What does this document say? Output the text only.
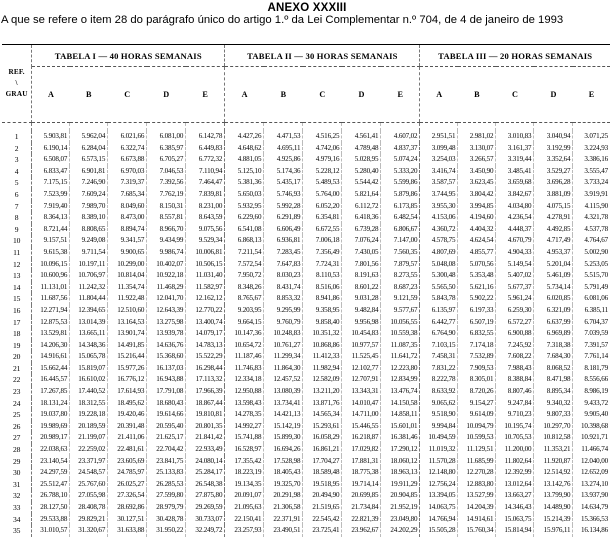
ANEXO XXXIII
A que se refere o item 28 do parágrafo único do artigo 1.º da Lei Complementar n.º 704, de 4 de janeiro de 1993
REF.
\
GRAU	TABELA I — 40 HORAS SEMANAIS					TABELA II — 30 HORAS SEMANAIS					TABELA III — 20 HORAS SEMANAIS				
	A	B	C	D	E	A	B	C	D	E	A	B	C	D	E

1	5.903,81	5.962,04	6.021,66	6.081,00	6.142,78	4.427,26	4.471,53	4.516,25	4.561,41	4.607,02	2.951,51	2.981,02	3.010,83	3.040,94	3.071,25
2	6.190,14	6.284,04	6.322,74	6.385,97	6.449,83	4.648,62	4.695,11	4.742,06	4.789,48	4.837,37	3.099,48	3.130,07	3.161,37	3.192,99	3.224,93
3	6.508,07	6.573,15	6.673,88	6.705,27	6.772,32	4.881,05	4.925,86	4.979,16	5.028,95	5.074,24	3.254,03	3.266,57	3.319,44	3.352,64	3.386,16
4	6.833,47	6.901,81	6.970,03	7.046,53	7.110,94	5.125,10	5.174,36	5.228,12	5.280,40	5.333,20	3.416,74	3.450,90	3.485,41	3.529,27	3.555,47
5	7.175,15	7.246,90	7.319,37	7.392,56	7.464,47	5.381,36	5.435,17	5.489,53	5.544,42	5.599,86	3.587,57	3.623,45	3.659,68	3.696,28	3.733,24
6	7.523,99	7.609,24	7.685,34	7.762,19	7.839,81	5.650,03	5.746,93	5.764,00	5.821,64	5.879,86	3.744,95	3.804,42	3.842,67	3.881,09	3.919,91
7	7.919,40	7.989,70	8.049,60	8.150,31	8.231,00	5.932,95	5.992,28	6.052,20	6.112,72	6.173,85	3.955,30	3.994,85	4.034,80	4.075,15	4.115,90
8	8.364,13	8.389,10	8.473,00	8.557,81	8.643,59	6.229,60	6.291,89	6.354,81	6.418,36	6.482,54	4.153,06	4.194,60	4.236,54	4.278,91	4.321,78
9	8.721,44	8.808,65	8.894,74	8.966,70	9.075,56	6.541,08	6.606,49	6.672,55	6.739,28	6.806,67	4.360,72	4.404,32	4.448,37	4.492,85	4.537,78
10	9.157,51	9.249,08	9.341,57	9.434,99	9.529,34	6.868,13	6.936,81	7.006,18	7.076,24	7.147,00	4.578,75	4.624,54	4.670,79	4.717,49	4.764,67
11	9.615,38	9.711,54	9.900,65	9.986,74	10.006,81	7.211,54	7.283,45	7.356,49	7.430,05	7.560,35	4.807,69	4.855,77	4.904,33	4.953,37	5.002,90
12	10.096,15	10.197,11	10.299,00	10.402,07	10.506,15	7.572,54	7.647,83	7.724,31	7.801,56	7.879,57	5.048,08	5.070,56	5.149,54	5.201,04	5.253,05
13	10.600,96	10.706,97	10.814,04	10.922,18	11.031,40	7.950,72	8.030,23	8.110,53	8.191,63	8.273,55	5.300,48	5.353,48	5.407,02	5.461,09	5.515,70
14	11.131,01	11.242,32	11.354,74	11.468,29	11.582,97	8.348,26	8.431,74	8.516,06	8.601,22	8.687,23	5.565,50	5.621,16	5.677,37	5.734,14	5.791,49
15	11.687,56	11.804,44	11.922,48	12.041,70	12.162,12	8.765,67	8.853,32	8.941,86	9.031,28	9.121,59	5.843,78	5.902,22	5.961,24	6.020,85	6.081,06
16	12.271,94	12.394,65	12.510,60	12.643,39	12.770,22	9.203,95	9.295,99	9.358,95	9.482,84	9.577,67	6.135,97	6.197,33	6.259,30	6.321,09	6.385,11
17	12.875,53	13.014,39	13.164,53	13.275,98	13.400,74	9.664,15	9.760,79	9.858,40	9.956,98	10.056,55	6.442,77	6.507,19	6.572,27	6.637,99	6.704,37
18	13.529,81	13.665,11	13.901,74	13.939,78	14.079,17	10.147,36	10.248,83	10.351,32	10.454,83	10.559,38	6.764,90	6.832,55	6.900,88	6.969,89	7.039,59
19	14.206,30	14.348,36	14.491,85	14.636,76	14.783,13	10.654,72	10.761,27	10.868,86	10.977,57	11.087,35	7.103,15	7.174,18	7.245,92	7.318,38	7.391,57
20	14.916,61	15.065,78	15.216,44	15.368,60	15.522,29	11.187,46	11.299,34	11.412,33	11.525,45	11.641,72	7.458,31	7.532,89	7.608,22	7.684,30	7.761,14
21	15.662,44	15.819,07	15.977,26	16.137,03	16.298,44	11.746,83	11.864,30	11.982,94	12.102,77	12.223,80	7.831,22	7.909,53	7.988,43	8.068,52	8.181,79
22	16.445,57	16.610,02	16.776,12	16.943,88	17.113,32	12.334,18	12.457,52	12.582,09	12.707,91	12.834,99	8.222,78	8.305,01	8.388,84	8.471,98	8.556,66
23	17.267,85	17.440,52	17.614,93	17.791,08	17.966,39	12.950,88	13.080,39	13.211,20	13.343,31	13.476,74	8.633,92	8.720,26	8.807,46	8.895,34	8.986,19
24	18.131,24	18.312,55	18.495,62	18.680,43	18.867,44	13.598,43	13.734,41	13.871,76	14.010,47	14.150,58	9.065,62	9.154,27	9.247,84	9.340,32	9.433,72
25	19.037,80	19.228,18	19.420,46	19.614,66	19.810,81	14.278,35	14.421,13	14.565,34	14.711,00	14.858,11	9.518,90	9.614,09	9.710,23	9.807,33	9.905,40
26	19.989,69	20.189,59	20.391,48	20.595,40	20.801,35	14.992,27	15.142,19	15.293,61	15.446,55	15.601,01	9.994,84	10.094,79	10.195,74	10.297,70	10.398,68
27	20.989,17	21.199,07	21.411,06	21.625,17	21.841,42	15.741,88	15.899,30	16.058,29	16.218,87	16.381,46	10.494,59	10.599,53	10.705,53	10.812,58	10.921,71
28	22.038,63	22.259,02	22.481,61	22.704,42	22.933,49	16.528,97	16.694,26	16.861,21	17.029,82	17.290,12	11.019,32	11.129,51	11.200,00	11.353,21	11.466,74
29	23.140,54	23.371,97	23.605,69	23.841,75	24.080,14	17.355,42	17.528,98	17.704,27	17.881,31	18.060,12	11.570,28	11.685,99	11.802,64	11.920,87	12.040,00
30	24.297,59	24.548,57	24.785,97	25.133,83	25.284,17	18.223,19	18.405,43	18.589,48	18.775,38	18.963,13	12.148,80	12.270,28	12.392,99	12.514,92	12.652,09
31	25.512,47	25.767,60	26.025,27	26.285,53	26.548,38	19.134,35	19.325,70	19.518,95	19.714,14	19.911,29	12.756,24	12.883,80	13.012,64	13.142,76	13.274,10
32	26.788,10	27.055,98	27.326,54	27.599,80	27.875,80	20.091,07	20.291,98	20.494,90	20.699,85	20.904,85	13.394,05	13.527,99	13.663,27	13.799,90	13.937,90
33	28.127,50	28.408,78	28.692,86	28.979,79	29.269,59	21.095,63	21.306,58	21.519,65	21.734,84	21.952,19	14.063,75	14.204,39	14.346,43	14.489,90	14.634,79
34	29.533,88	29.829,21	30.127,51	30.428,78	30.733,07	22.150,41	22.371,91	22.545,42	22.821,39	23.049,80	14.766,94	14.914,61	15.063,75	15.214,39	15.366,53
35	31.010,57	31.320,67	31.633,88	31.950,22	32.249,72	23.257,93	23.490,51	23.725,41	23.962,67	24.202,29	15.505,28	15.760,34	15.814,94	15.976,11	16.134,86
